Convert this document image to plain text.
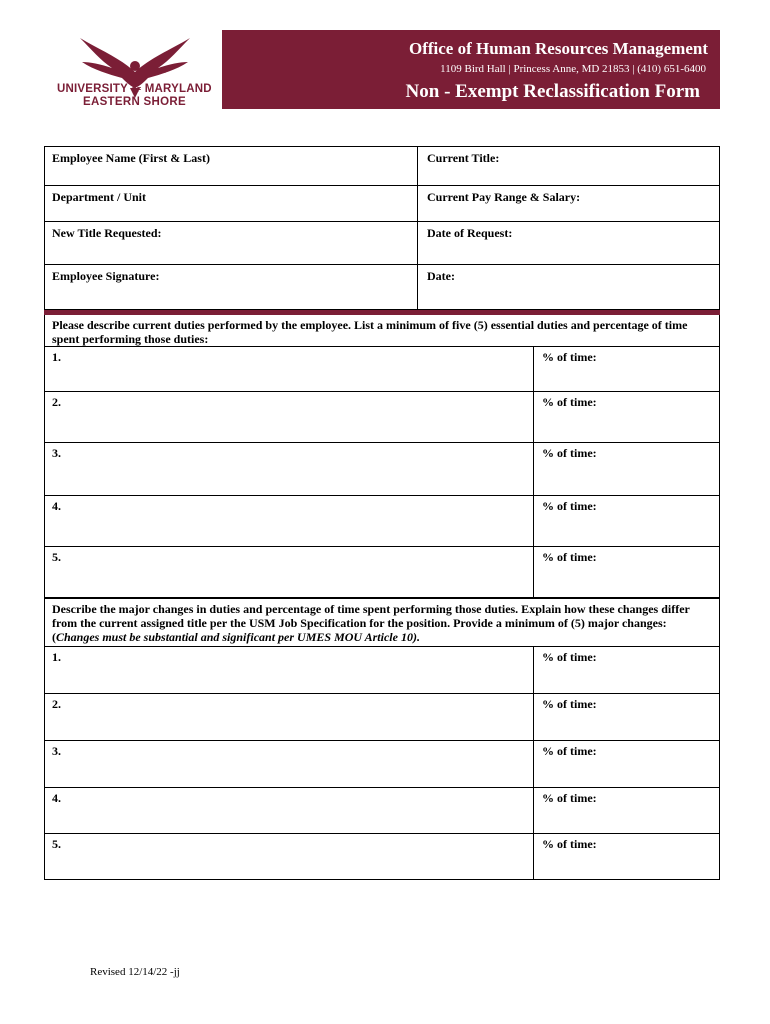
18CO	1886
UNIVERSITY OF MARYLAND
EASTERN SHORE
Office of Human Resources Management
1109 Bird Hall | Princess Anne, MD 21853 | (410) 651-6400
Non - Exempt Reclassification Form
Employee Name (First & Last)	Current Title:
Department / Unit	Current Pay Range & Salary:
New Title Requested:	Date of Request:
Employee Signature:	Date:
Please describe current duties performed by the employee. List a minimum of five (5) essential duties and percentage of time spent performing those duties:
1.	% of time:
2.	% of time:
3.	% of time:
4.	% of time:
5.	% of time:
Describe the major changes in duties and percentage of time spent performing those duties. Explain how these changes differ from the current assigned title per the USM Job Specification for the position. Provide a minimum of (5) major changes: (Changes must be substantial and significant per UMES MOU Article 10).
1.	% of time:
2.	% of time:
3.	% of time:
4.	% of time:
5.	% of time:
Revised 12/14/22 -jj
